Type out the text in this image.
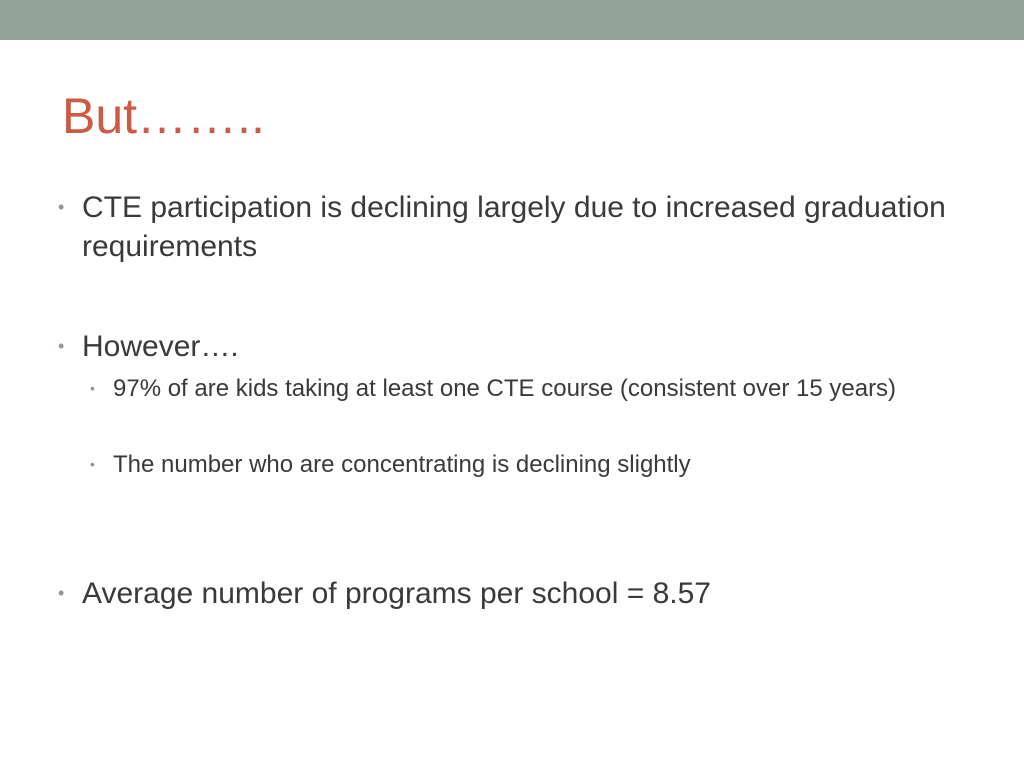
But……..
• CTE participation is declining largely due to increased graduation requirements
• However….
• 97% of are kids taking at least one CTE course (consistent over 15 years)
• The number who are concentrating is declining slightly
• Average number of programs per school = 8.57
